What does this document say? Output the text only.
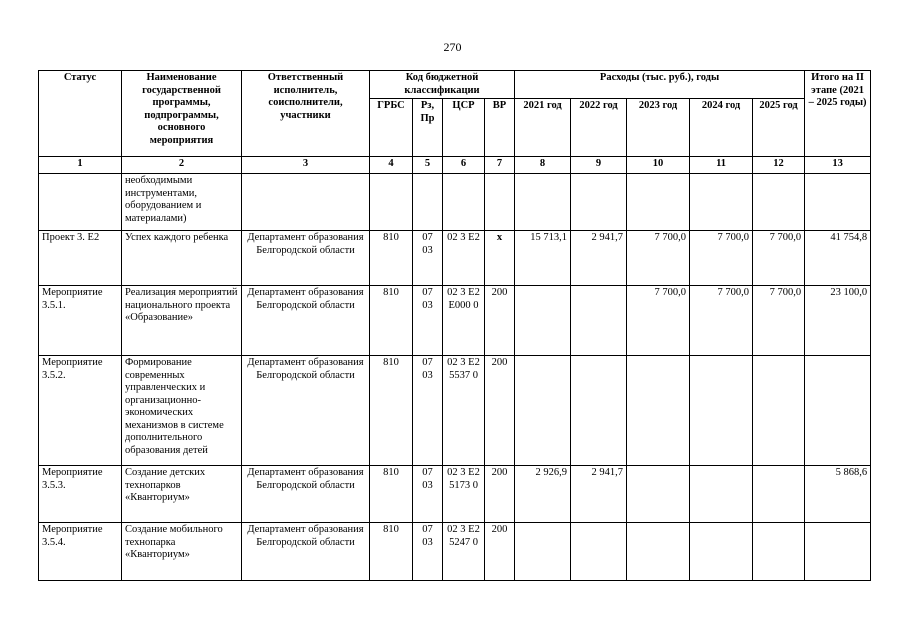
270
Статус	Наименование государственной программы, подпрограммы, основного мероприятия	Ответственный исполнитель, соисполнители, участники	Код бюджетной классификации				Расходы (тыс. руб.), годы					Итого на II этапе (2021 – 2025 годы)
			ГРБС	Рз, Пр	ЦСР	ВР	2021 год	2022 год	2023 год	2024 год	2025 год	
1	2	3	4	5	6	7	8	9	10	11	12	13
	необходимыми инструментами, оборудованием и материалами)											
Проект 3. Е2	Успех каждого ребенка	Департамент образования Белгородской области	810	07 03	02 3 Е2	х	15 713,1	2 941,7	7 700,0	7 700,0	7 700,0	41 754,8
Мероприятие 3.5.1.	Реализация мероприятий национального проекта «Образование»	Департамент образования Белгородской области	810	07 03	02 3 Е2 Е000 0	200			7 700,0	7 700,0	7 700,0	23 100,0
Мероприятие 3.5.2.	Формирование современных управленческих и организационно-экономических механизмов в системе дополнительного образования детей	Департамент образования Белгородской области	810	07 03	02 3 Е2 5537 0	200						
Мероприятие 3.5.3.	Создание детских технопарков «Кванториум»	Департамент образования Белгородской области	810	07 03	02 3 Е2 5173 0	200	2 926,9	2 941,7				5 868,6
Мероприятие 3.5.4.	Создание мобильного технопарка «Кванториум»	Департамент образования Белгородской области	810	07 03	02 3 Е2 5247 0	200						
